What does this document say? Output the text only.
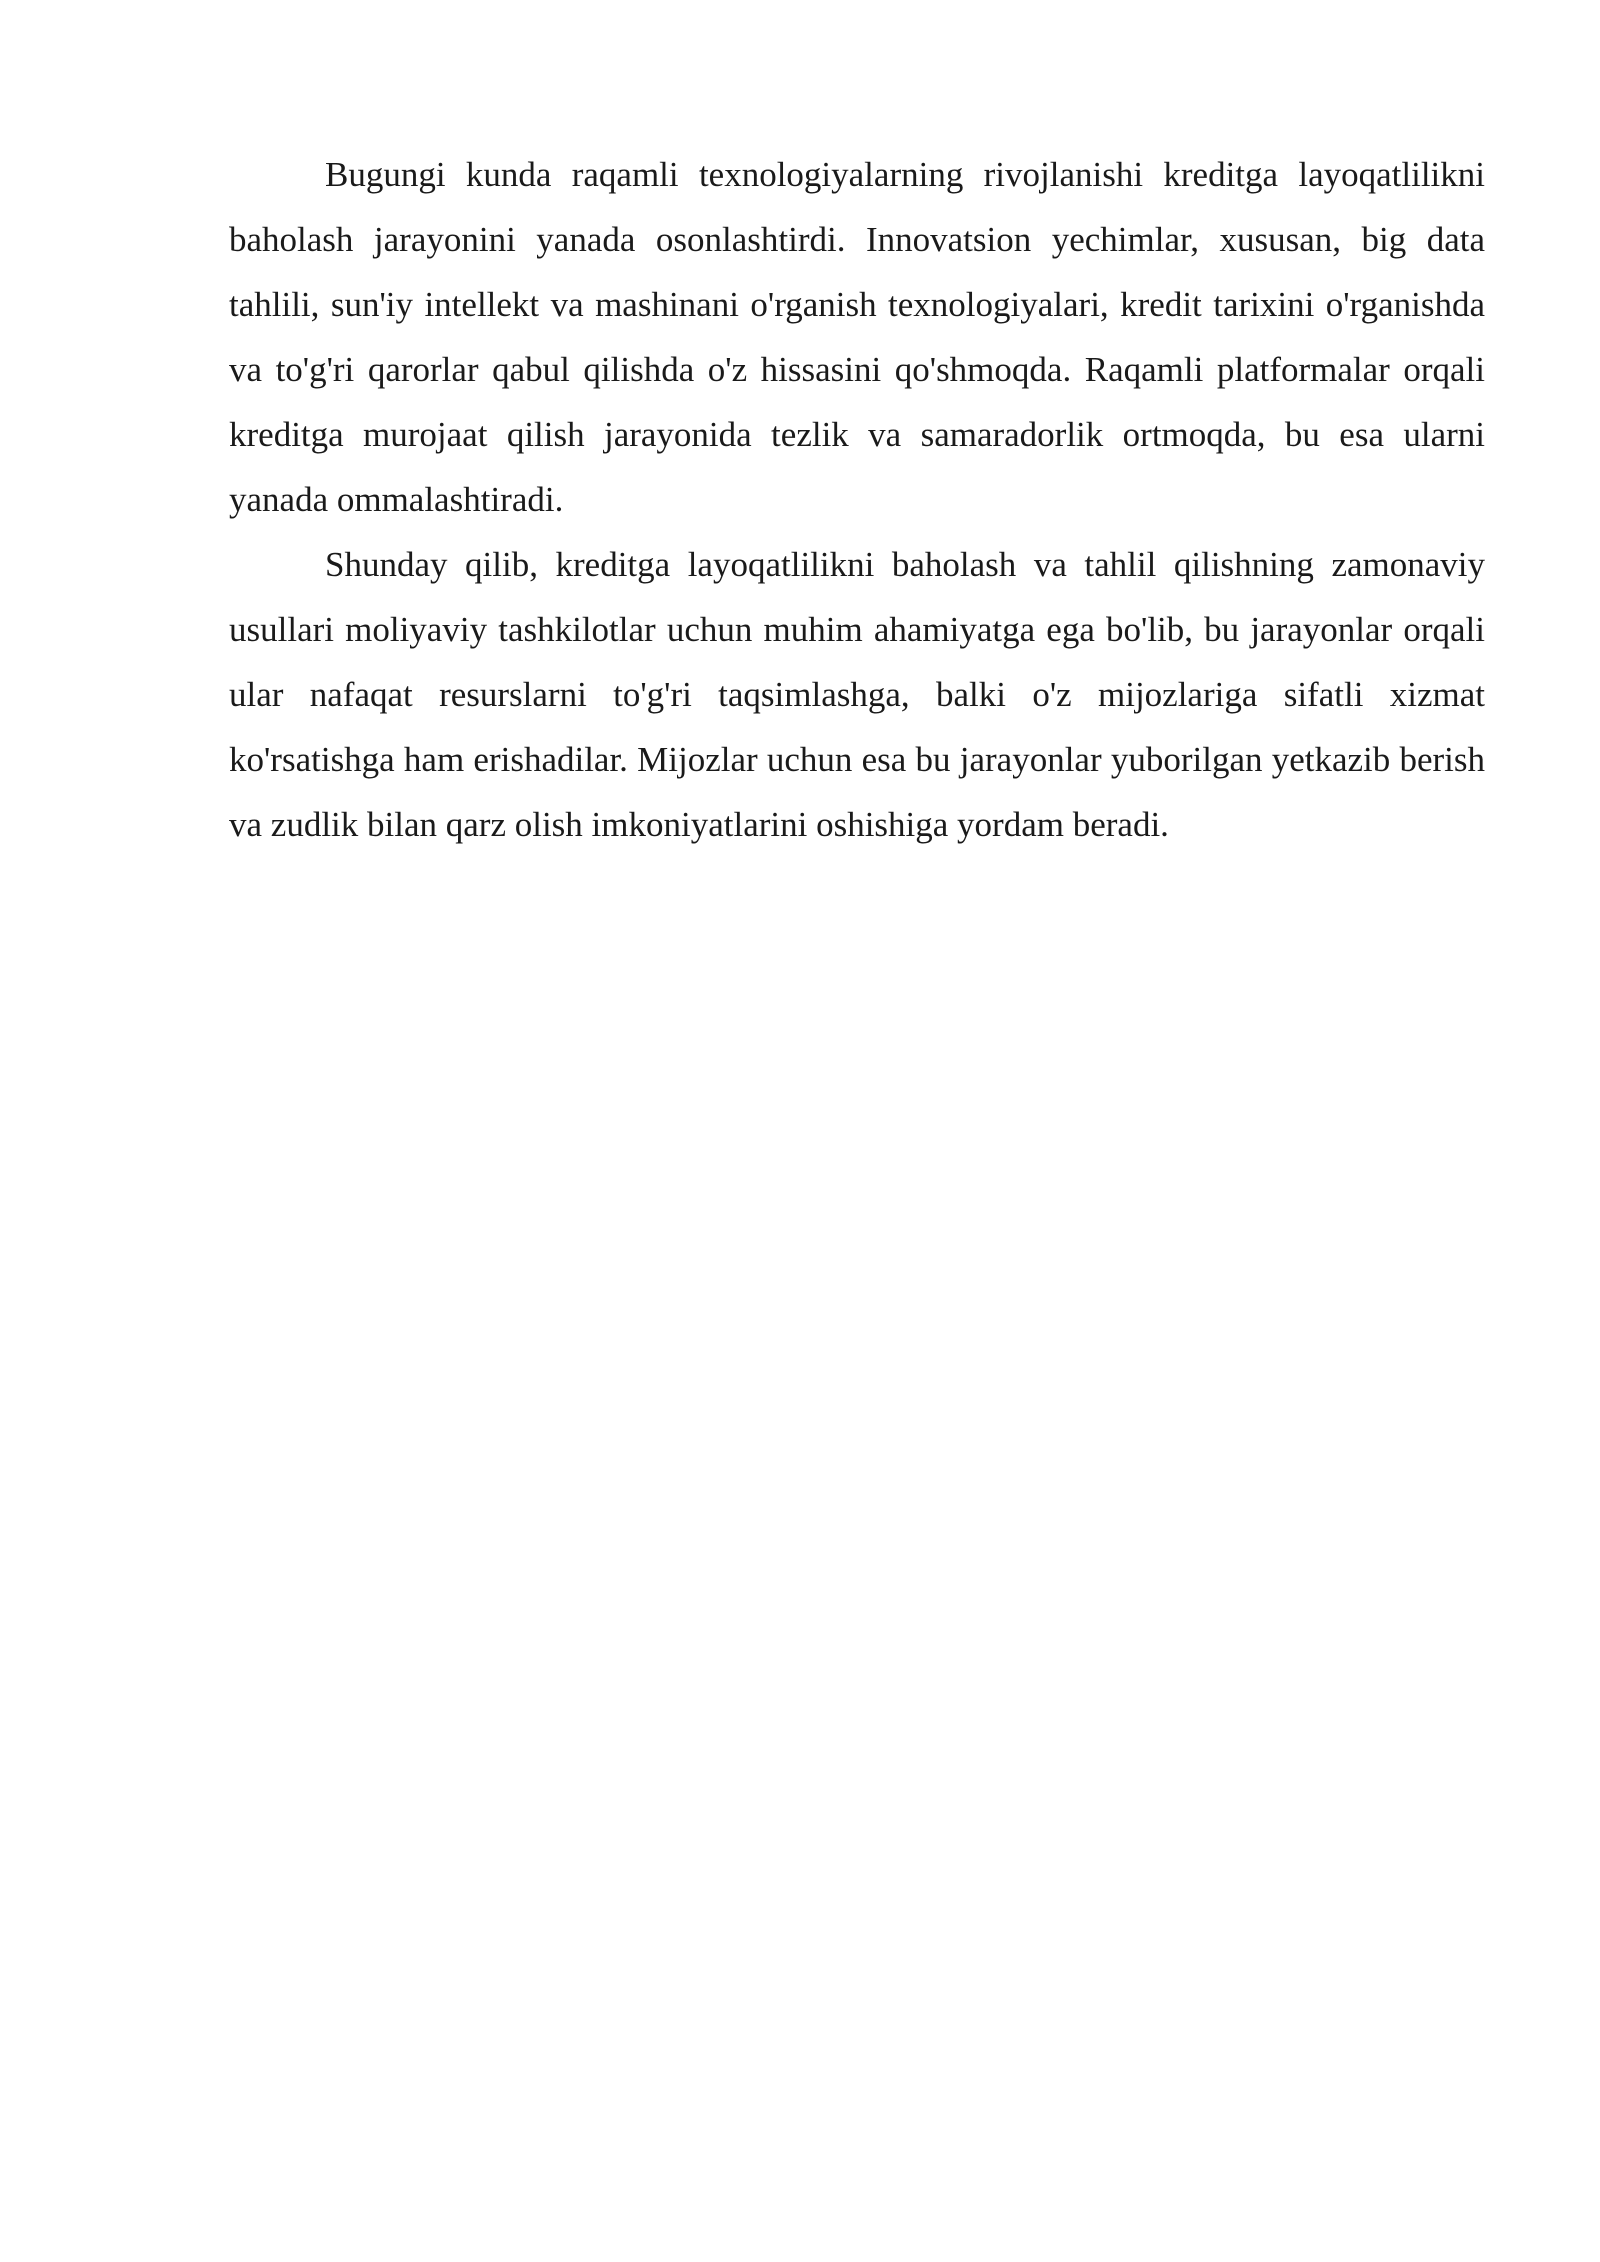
Bugungi kunda raqamli texnologiyalarning rivojlanishi kreditga layoqatlilikni baholash jarayonini yanada osonlashtirdi. Innovatsion yechimlar, xususan, big data tahlili, sun'iy intellekt va mashinani o'rganish texnologiyalari, kredit tarixini o'rganishda va to'g'ri qarorlar qabul qilishda o'z hissasini qo'shmoqda. Raqamli platformalar orqali kreditga murojaat qilish jarayonida tezlik va samaradorlik ortmoqda, bu esa ularni yanada ommalashtiradi.

Shunday qilib, kreditga layoqatlilikni baholash va tahlil qilishning zamonaviy usullari moliyaviy tashkilotlar uchun muhim ahamiyatga ega bo'lib, bu jarayonlar orqali ular nafaqat resurslarni to'g'ri taqsimlashga, balki o'z mijozlariga sifatli xizmat ko'rsatishga ham erishadilar. Mijozlar uchun esa bu jarayonlar yuborilgan yetkazib berish va zudlik bilan qarz olish imkoniyatlarini oshishiga yordam beradi.
